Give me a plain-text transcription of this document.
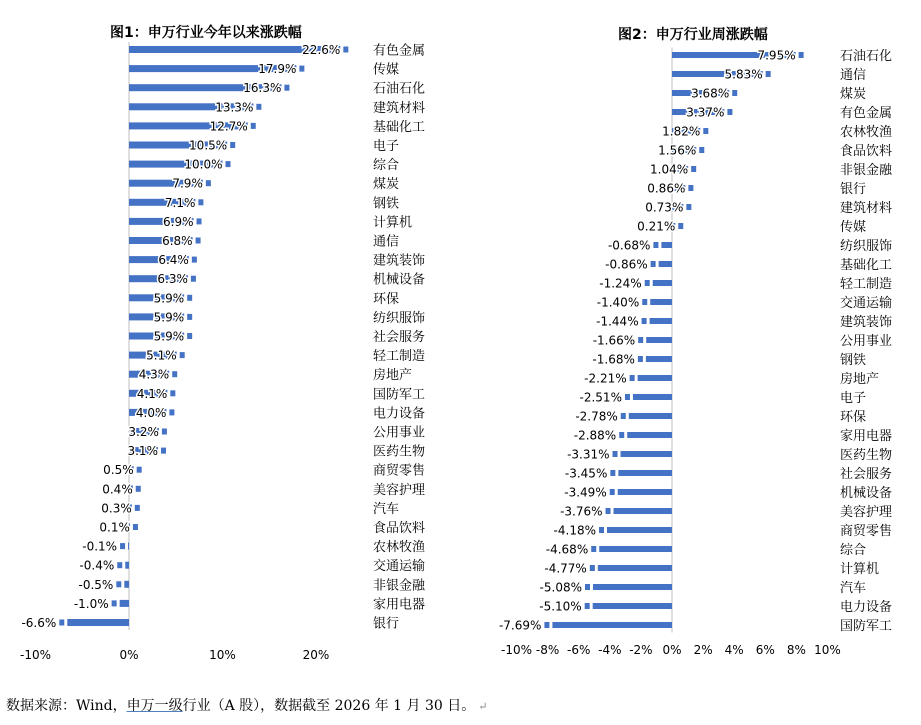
图1：申万行业今年以来涨跌幅
22.6%	有色金属
17.9%	传媒
16.3%	石油石化
13.3%	建筑材料
12.7%	基础化工
10.5%	电子
10.0%	综合
7.9%	煤炭
7.1%	钢铁
6.9%	计算机
6.8%	通信
6.4%	建筑装饰
6.3%	机械设备
5.9%	环保
5.9%	纺织服饰
5.9%	社会服务
5.1%	轻工制造
4.3%	房地产
4.1%	国防军工
4.0%	电力设备
3.2%	公用事业
3.1%	医药生物
0.5%	商贸零售
0.4%	美容护理
0.3%	汽车
0.1%	食品饮料
-0.1%	农林牧渔
-0.4%	交通运输
-0.5%	非银金融
-1.0%	家用电器
-6.6%	银行
-10%	0%	10%	20%
图2：申万行业周涨跌幅
7.95%	石油石化
5.83%	通信
3.68%	煤炭
3.37%	有色金属
1.82%	农林牧渔
1.56%	食品饮料
1.04%	非银金融
0.86%	银行
0.73%	建筑材料
0.21%	传媒
-0.68%	纺织服饰
-0.86%	基础化工
-1.24%	轻工制造
-1.40%	交通运输
-1.44%	建筑装饰
-1.66%	公用事业
-1.68%	钢铁
-2.21%	房地产
-2.51%	电子
-2.78%	环保
-2.88%	家用电器
-3.31%	医药生物
-3.45%	社会服务
-3.49%	机械设备
-3.76%	美容护理
-4.18%	商贸零售
-4.68%	综合
-4.77%	计算机
-5.08%	汽车
-5.10%	电力设备
-7.69%	国防军工
-10% -8% -6% -4% -2% 0% 2% 4% 6% 8% 10%
数据来源：Wind，申万一级行业（A 股），数据截至 2026 年 1 月 30 日。 ↵
